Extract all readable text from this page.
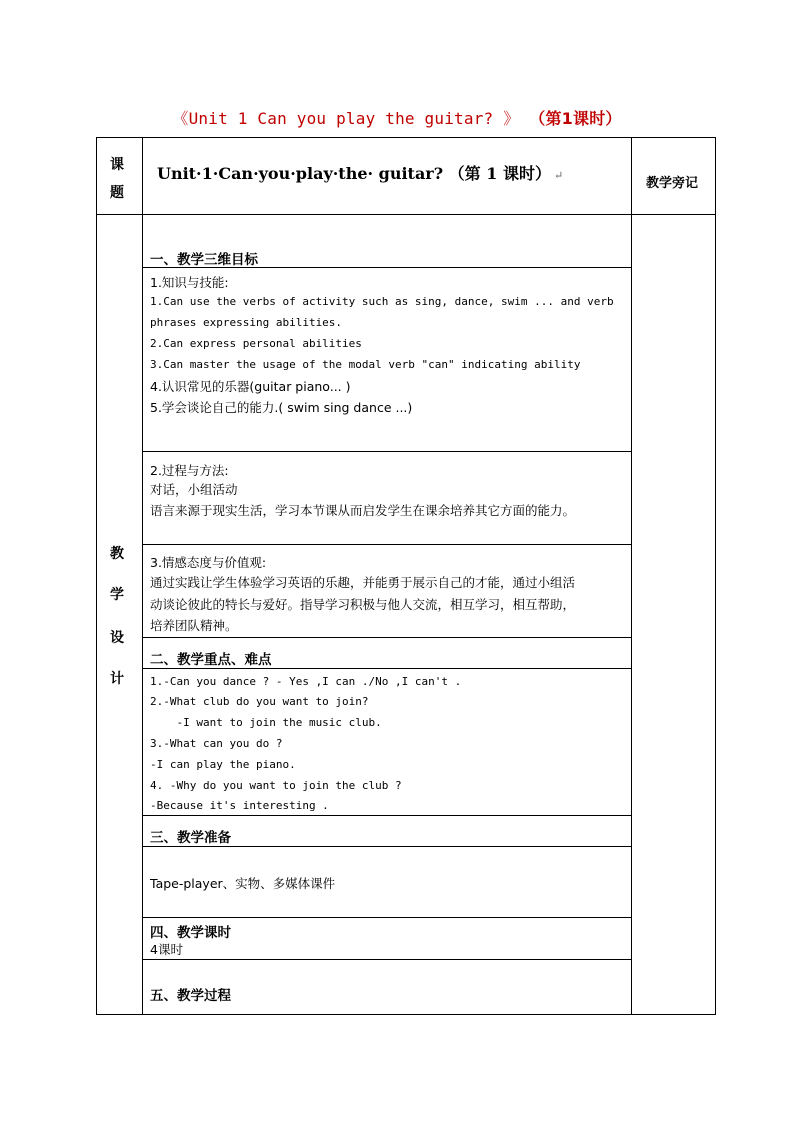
《Unit 1 Can you play the guitar? 》 （第1课时）
课
题
Unit·1·Can·you·play·the· guitar? （第 1 课时） ↵
教学旁记
教
学
设
计
一、教学三维目标
1.知识与技能:
1.Can use the verbs of activity such as sing, dance, swim ... and verb
phrases expressing abilities.
2.Can express personal abilities
3.Can master the usage of the modal verb "can" indicating ability
4.认识常见的乐器(guitar piano... )
5.学会谈论自己的能力.( swim sing dance ...)
2.过程与方法:
对话，小组活动
语言来源于现实生活，学习本节课从而启发学生在课余培养其它方面的能力。
3.情感态度与价值观:
通过实践让学生体验学习英语的乐趣，并能勇于展示自己的才能，通过小组活
动谈论彼此的特长与爱好。指导学习积极与他人交流，相互学习，相互帮助，
培养团队精神。
二、教学重点、难点
1.-Can you dance ? - Yes ,I can ./No ,I can't .
2.-What club do you want to join?
-I want to join the music club.
3.-What can you do ?
-I can play the piano.
4. -Why do you want to join the club ?
-Because it's interesting .
三、教学准备
Tape-player、实物、多媒体课件
四、教学课时
4课时
五、教学过程
